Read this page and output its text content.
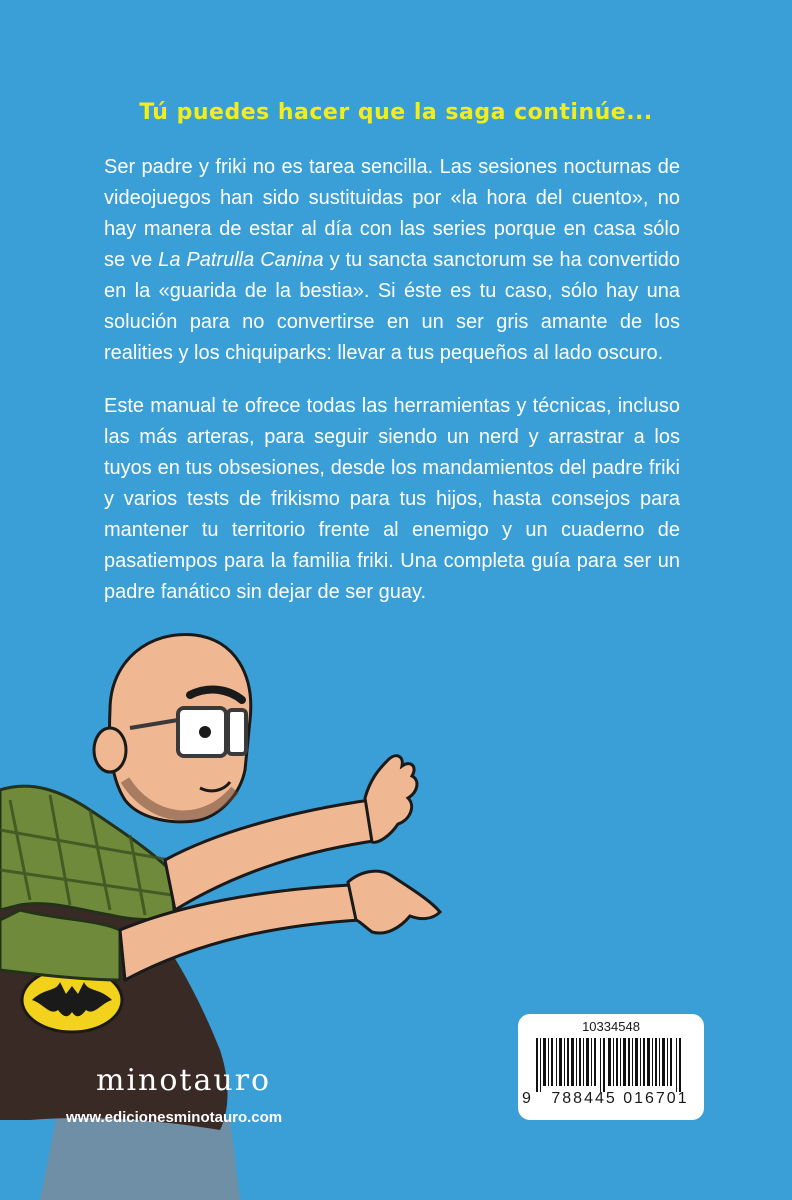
Tú puedes hacer que la saga continúe...

Ser padre y friki no es tarea sencilla. Las sesiones nocturnas de videojuegos han sido sustituidas por «la hora del cuento», no hay manera de estar al día con las series porque en casa sólo se ve La Patrulla Canina y tu sancta sanctorum se ha convertido en la «guarida de la bestia». Si éste es tu caso, sólo hay una solución para no convertirse en un ser gris amante de los realities y los chiquiparks: llevar a tus pequeños al lado oscuro.

Este manual te ofrece todas las herramientas y técnicas, incluso las más arteras, para seguir siendo un nerd y arrastrar a los tuyos en tus obsesiones, desde los mandamientos del padre friki y varios tests de frikismo para tus hijos, hasta consejos para mantener tu territorio frente al enemigo y un cuaderno de pasatiempos para la familia friki. Una completa guía para ser un padre fanático sin dejar de ser guay.

minotauro
www.edicionesminotauro.com
10334548
9	788445 016701
